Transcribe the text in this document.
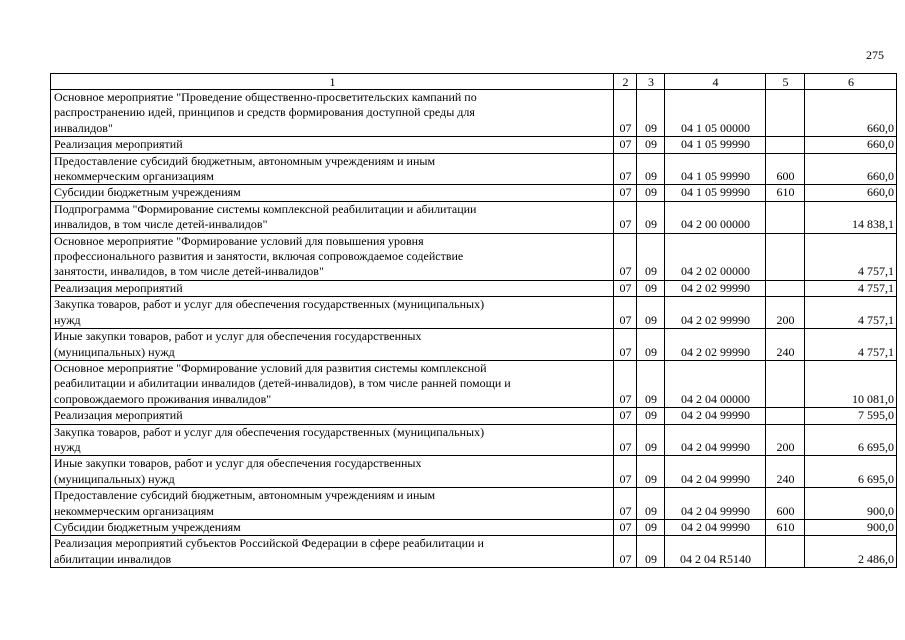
275
1	2	3	4	5	6

Основное мероприятие "Проведение общественно-просветительских кампаний по
распространению идей, принципов и средств формирования доступной среды для
инвалидов"	07	09	04 1 05 00000		660,0

Реализация мероприятий	07	09	04 1 05 99990		660,0

Предоставление субсидий бюджетным, автономным учреждениям и иным
некоммерческим организациям	07	09	04 1 05 99990	600	660,0

Субсидии бюджетным учреждениям	07	09	04 1 05 99990	610	660,0

Подпрограмма "Формирование системы комплексной реабилитации и абилитации
инвалидов, в том числе детей-инвалидов"	07	09	04 2 00 00000		14 838,1

Основное мероприятие "Формирование условий для повышения уровня
профессионального развития и занятости, включая сопровождаемое содействие
занятости, инвалидов, в том числе детей-инвалидов"	07	09	04 2 02 00000		4 757,1

Реализация мероприятий	07	09	04 2 02 99990		4 757,1

Закупка товаров, работ и услуг для обеспечения государственных (муниципальных)
нужд	07	09	04 2 02 99990	200	4 757,1

Иные закупки товаров, работ и услуг для обеспечения государственных
(муниципальных) нужд	07	09	04 2 02 99990	240	4 757,1

Основное мероприятие "Формирование условий для развития системы комплексной
реабилитации и абилитации инвалидов (детей-инвалидов), в том числе ранней помощи и
сопровождаемого проживания инвалидов"	07	09	04 2 04 00000		10 081,0

Реализация мероприятий	07	09	04 2 04 99990		7 595,0

Закупка товаров, работ и услуг для обеспечения государственных (муниципальных)
нужд	07	09	04 2 04 99990	200	6 695,0

Иные закупки товаров, работ и услуг для обеспечения государственных
(муниципальных) нужд	07	09	04 2 04 99990	240	6 695,0

Предоставление субсидий бюджетным, автономным учреждениям и иным
некоммерческим организациям	07	09	04 2 04 99990	600	900,0

Субсидии бюджетным учреждениям	07	09	04 2 04 99990	610	900,0

Реализация мероприятий субъектов Российской Федерации в сфере реабилитации и
абилитации инвалидов	07	09	04 2 04 R5140		2 486,0
